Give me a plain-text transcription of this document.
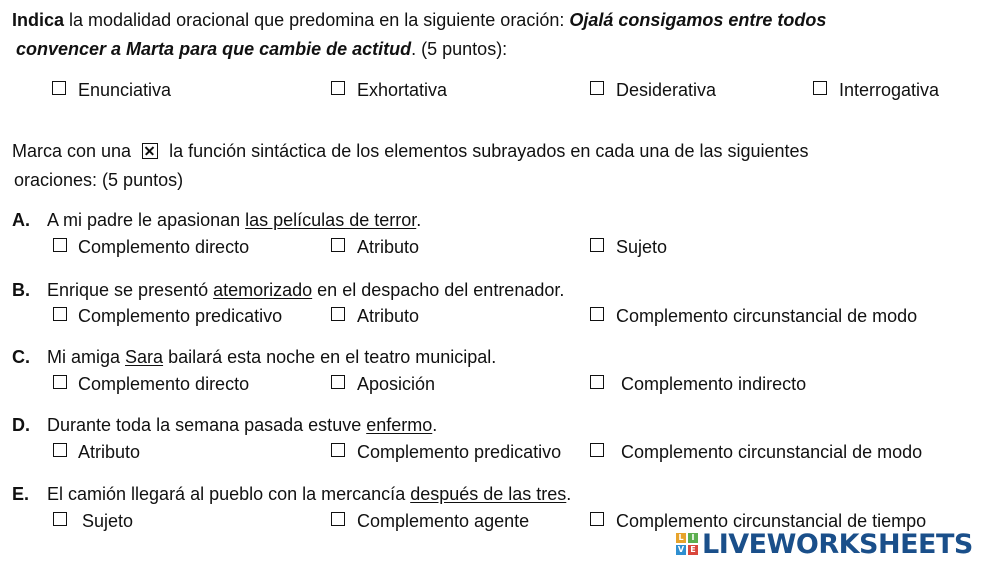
Indica la modalidad oracional que predomina en la siguiente oración: Ojalá consigamos entre todos
convencer a Marta para que cambie de actitud. (5 puntos):
Enunciativa	Exhortativa	Desiderativa	Interrogativa
Marca con una la función sintáctica de los elementos subrayados en cada una de las siguientes
oraciones: (5 puntos)
A. A mi padre le apasionan las películas de terror.
Complemento directo	Atributo	Sujeto
B. Enrique se presentó atemorizado en el despacho del entrenador.
Complemento predicativo	Atributo	Complemento circunstancial de modo
C. Mi amiga Sara bailará esta noche en el teatro municipal.
Complemento directo	Aposición	Complemento indirecto
D. Durante toda la semana pasada estuve enfermo.
Atributo	Complemento predicativo	Complemento circunstancial de modo
E. El camión llegará al pueblo con la mercancía después de las tres.
Sujeto	Complemento agente	Complemento circunstancial de tiempo
L I
V E LIVEWORKSHEETS
